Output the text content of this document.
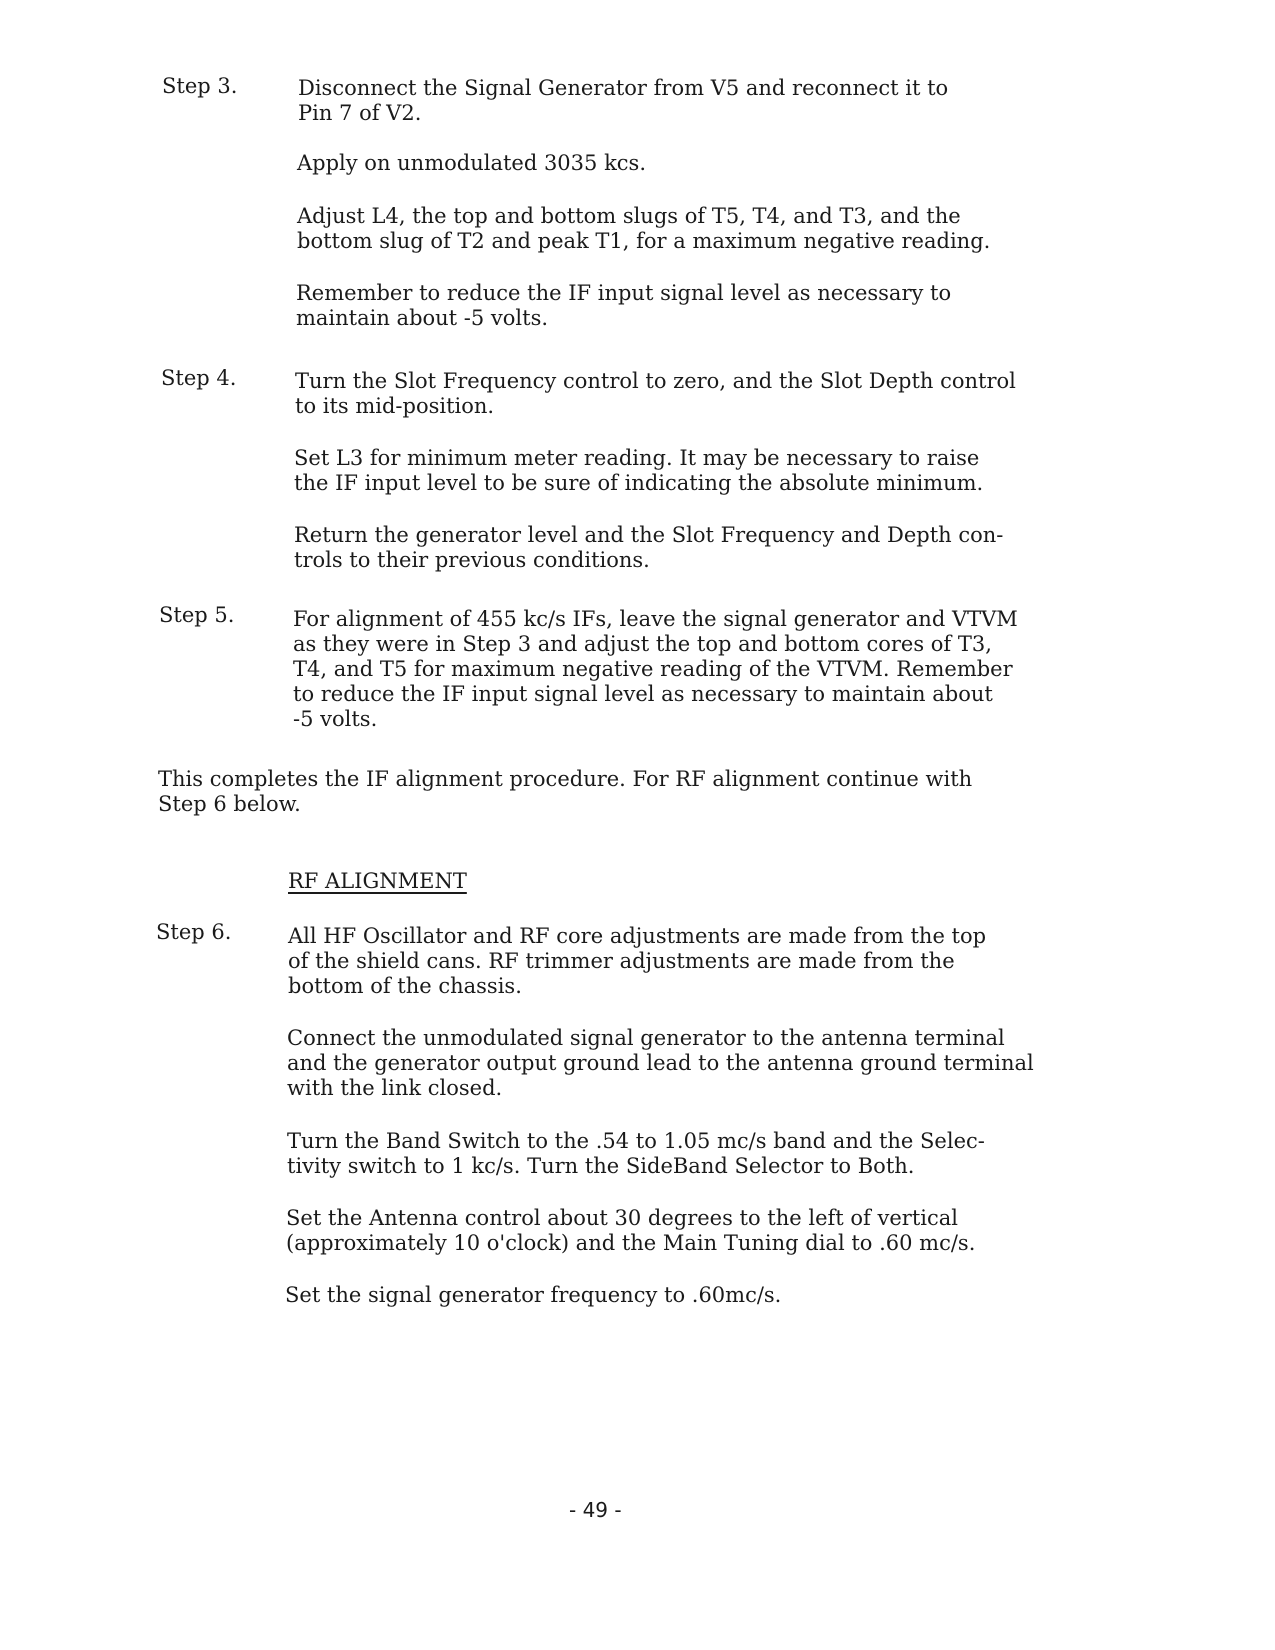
Step 3.	Disconnect the Signal Generator from V5 and reconnect it to
Pin 7 of V2.

Apply on unmodulated 3035 kcs.

Adjust L4, the top and bottom slugs of T5, T4, and T3, and the
bottom slug of T2 and peak T1, for a maximum negative reading.

Remember to reduce the IF input signal level as necessary to
maintain about -5 volts.

Step 4.	Turn the Slot Frequency control to zero, and the Slot Depth control
to its mid-position.

Set L3 for minimum meter reading. It may be necessary to raise
the IF input level to be sure of indicating the absolute minimum.

Return the generator level and the Slot Frequency and Depth con-
trols to their previous conditions.

Step 5.	For alignment of 455 kc/s IFs, leave the signal generator and VTVM
as they were in Step 3 and adjust the top and bottom cores of T3,
T4, and T5 for maximum negative reading of the VTVM. Remember
to reduce the IF input signal level as necessary to maintain about
-5 volts.

This completes the IF alignment procedure. For RF alignment continue with
Step 6 below.

RF ALIGNMENT
Step 6.	All HF Oscillator and RF core adjustments are made from the top
of the shield cans. RF trimmer adjustments are made from the
bottom of the chassis.

Connect the unmodulated signal generator to the antenna terminal
and the generator output ground lead to the antenna ground terminal
with the link closed.

Turn the Band Switch to the .54 to 1.05 mc/s band and the Selec-
tivity switch to 1 kc/s. Turn the SideBand Selector to Both.

Set the Antenna control about 30 degrees to the left of vertical
(approximately 10 o'clock) and the Main Tuning dial to .60 mc/s.

Set the signal generator frequency to .60mc/s.

- 49 -
